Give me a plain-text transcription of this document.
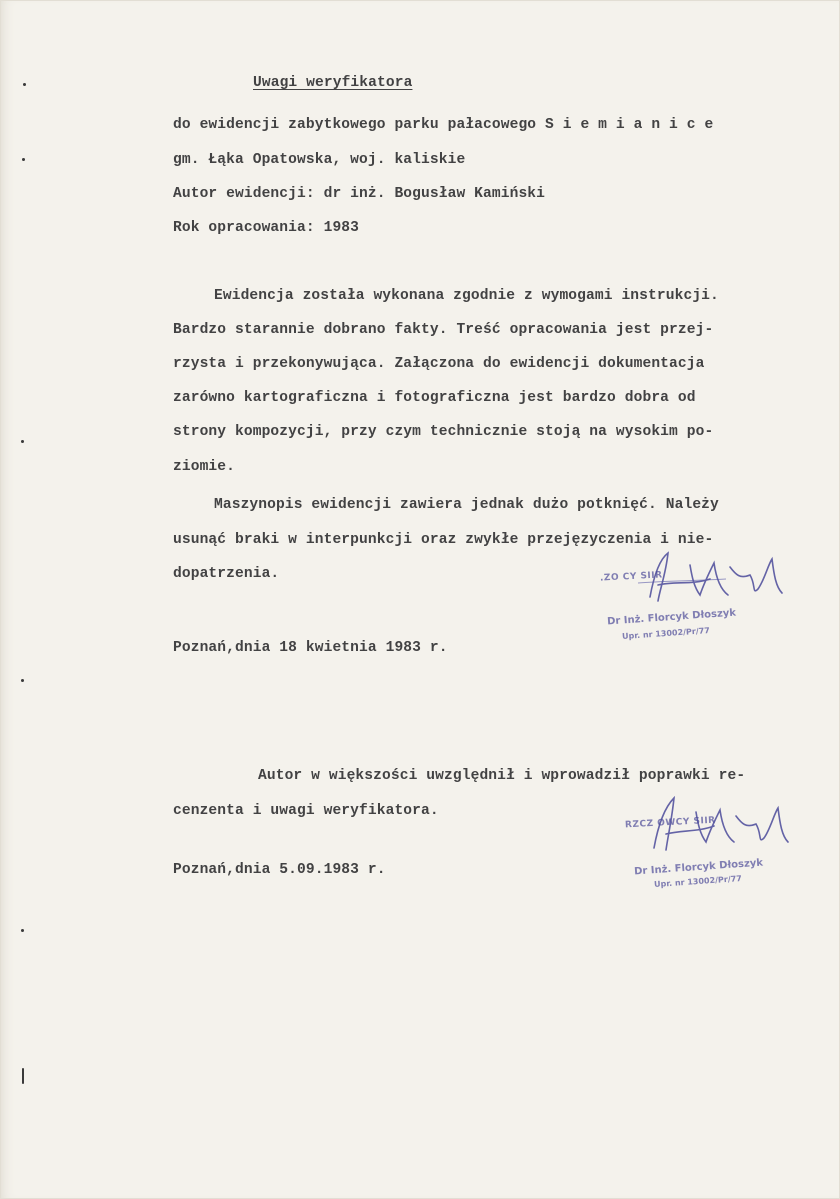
Uwagi weryfikatora
do ewidencji zabytkowego parku pałacowego S i e m i a n i c e
gm. Łąka Opatowska, woj. kaliskie
Autor ewidencji: dr inż. Bogusław Kamiński
Rok opracowania: 1983
Ewidencja została wykonana zgodnie z wymogami instrukcji.
Bardzo starannie dobrano fakty. Treść opracowania jest przej-
rzysta i przekonywująca. Załączona do ewidencji dokumentacja
zarówno kartograficzna i fotograficzna jest bardzo dobra od
strony kompozycji, przy czym technicznie stoją na wysokim po-
ziomie.
Maszynopis ewidencji zawiera jednak dużo potknięć. Należy
usunąć braki w interpunkcji oraz zwykłe przejęzyczenia i nie-
dopatrzenia.
Poznań,dnia 18 kwietnia 1983 r.
Autor w większości uwzględnił i wprowadził poprawki re-
cenzenta i uwagi weryfikatora.
Poznań,dnia 5.09.1983 r.
.ZO CY SIIR
Dr Inż. Florcyk Dłoszyk
Upr. nr 13002/Pr/77
RZCZ OWCY SIIR
Dr Inż. Florcyk Dłoszyk
Upr. nr 13002/Pr/77
